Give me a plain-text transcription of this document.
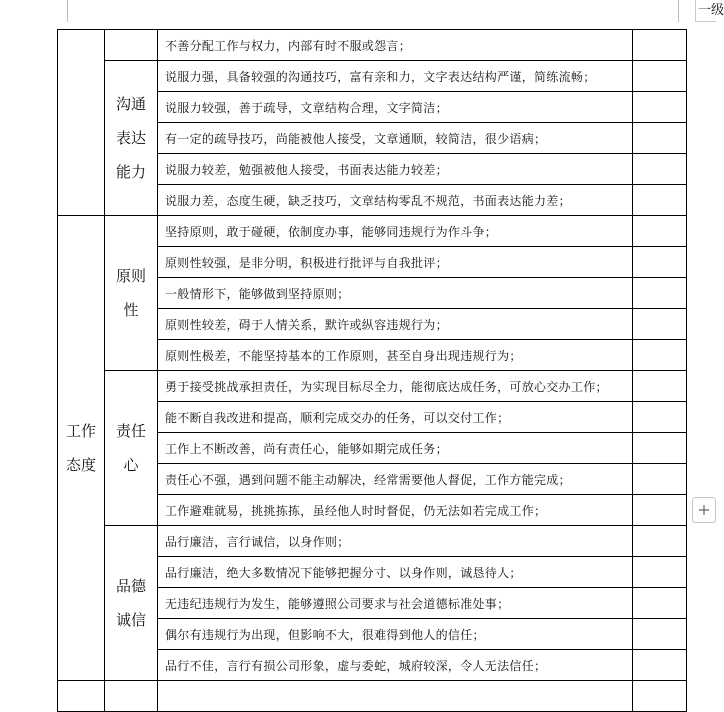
一级
		不善分配工作与权力，内部有时不服或怨言；	
	沟通表达能力	说服力强，具备较强的沟通技巧，富有亲和力，文字表达结构严谨，简练流畅；	
		说服力较强，善于疏导，文章结构合理，文字简洁；	
		有一定的疏导技巧，尚能被他人接受，文章通顺，较简洁，很少语病；	
		说服力较差，勉强被他人接受，书面表达能力较差；	
		说服力差，态度生硬，缺乏技巧，文章结构零乱不规范，书面表达能力差；	
工作态度	原则性	坚持原则，敢于碰硬，依制度办事，能够同违规行为作斗争；	
		原则性较强，是非分明，积极进行批评与自我批评；	
		一般情形下，能够做到坚持原则；	
		原则性较差，碍于人情关系，默许或纵容违规行为；	
		原则性极差，不能坚持基本的工作原则，甚至自身出现违规行为；	
	责任心	勇于接受挑战承担责任，为实现目标尽全力，能彻底达成任务，可放心交办工作；	
		能不断自我改进和提高，顺利完成交办的任务，可以交付工作；	
		工作上不断改善，尚有责任心，能够如期完成任务；	
		责任心不强，遇到问题不能主动解决，经常需要他人督促，工作方能完成；	
		工作避难就易，挑挑拣拣，虽经他人时时督促，仍无法如若完成工作；	
	品德诚信	品行廉洁，言行诚信，以身作则；	
		品行廉洁，绝大多数情况下能够把握分寸、以身作则，诚恳待人；	
		无违纪违规行为发生，能够遵照公司要求与社会道德标准处事；	
		偶尔有违规行为出现，但影响不大，很难得到他人的信任；	
		品行不佳，言行有损公司形象，虚与委蛇，城府较深，令人无法信任；	
